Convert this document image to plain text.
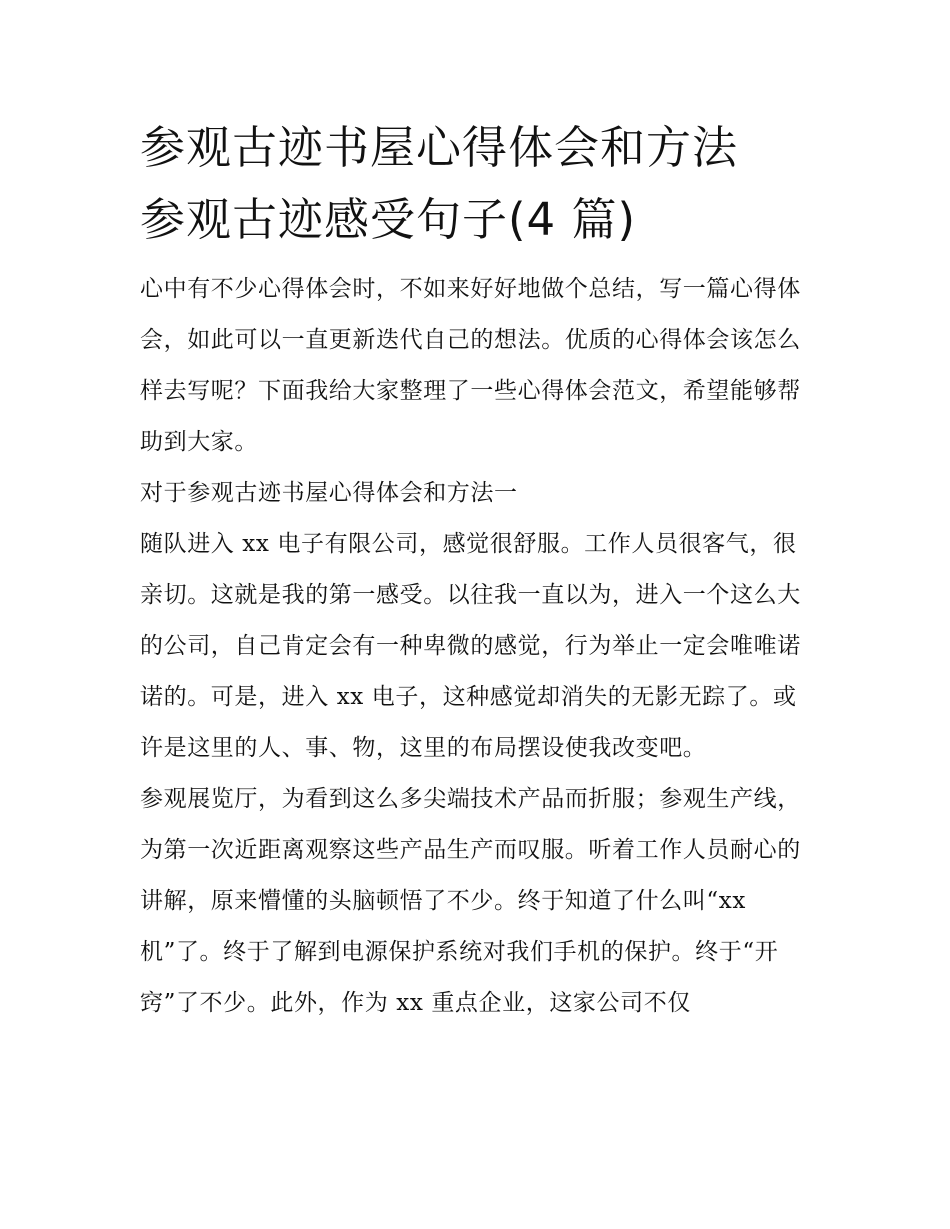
参观古迹书屋心得体会和方法
参观古迹感受句子(4 篇)

心中有不少心得体会时，不如来好好地做个总结，写一篇心得体会，如此可以一直更新迭代自己的想法。优质的心得体会该怎么样去写呢？下面我给大家整理了一些心得体会范文，希望能够帮助到大家。

对于参观古迹书屋心得体会和方法一

随队进入 xx 电子有限公司，感觉很舒服。工作人员很客气，很亲切。这就是我的第一感受。以往我一直以为，进入一个这么大的公司，自己肯定会有一种卑微的感觉，行为举止一定会唯唯诺诺的。可是，进入 xx 电子，这种感觉却消失的无影无踪了。或许是这里的人、事、物，这里的布局摆设使我改变吧。

参观展览厅，为看到这么多尖端技术产品而折服；参观生产线，为第一次近距离观察这些产品生产而叹服。听着工作人员耐心的讲解，原来懵懂的头脑顿悟了不少。终于知道了什么叫“xx 机”了。终于了解到电源保护系统对我们手机的保护。终于“开窍”了不少。此外，作为 xx 重点企业，这家公司不仅
